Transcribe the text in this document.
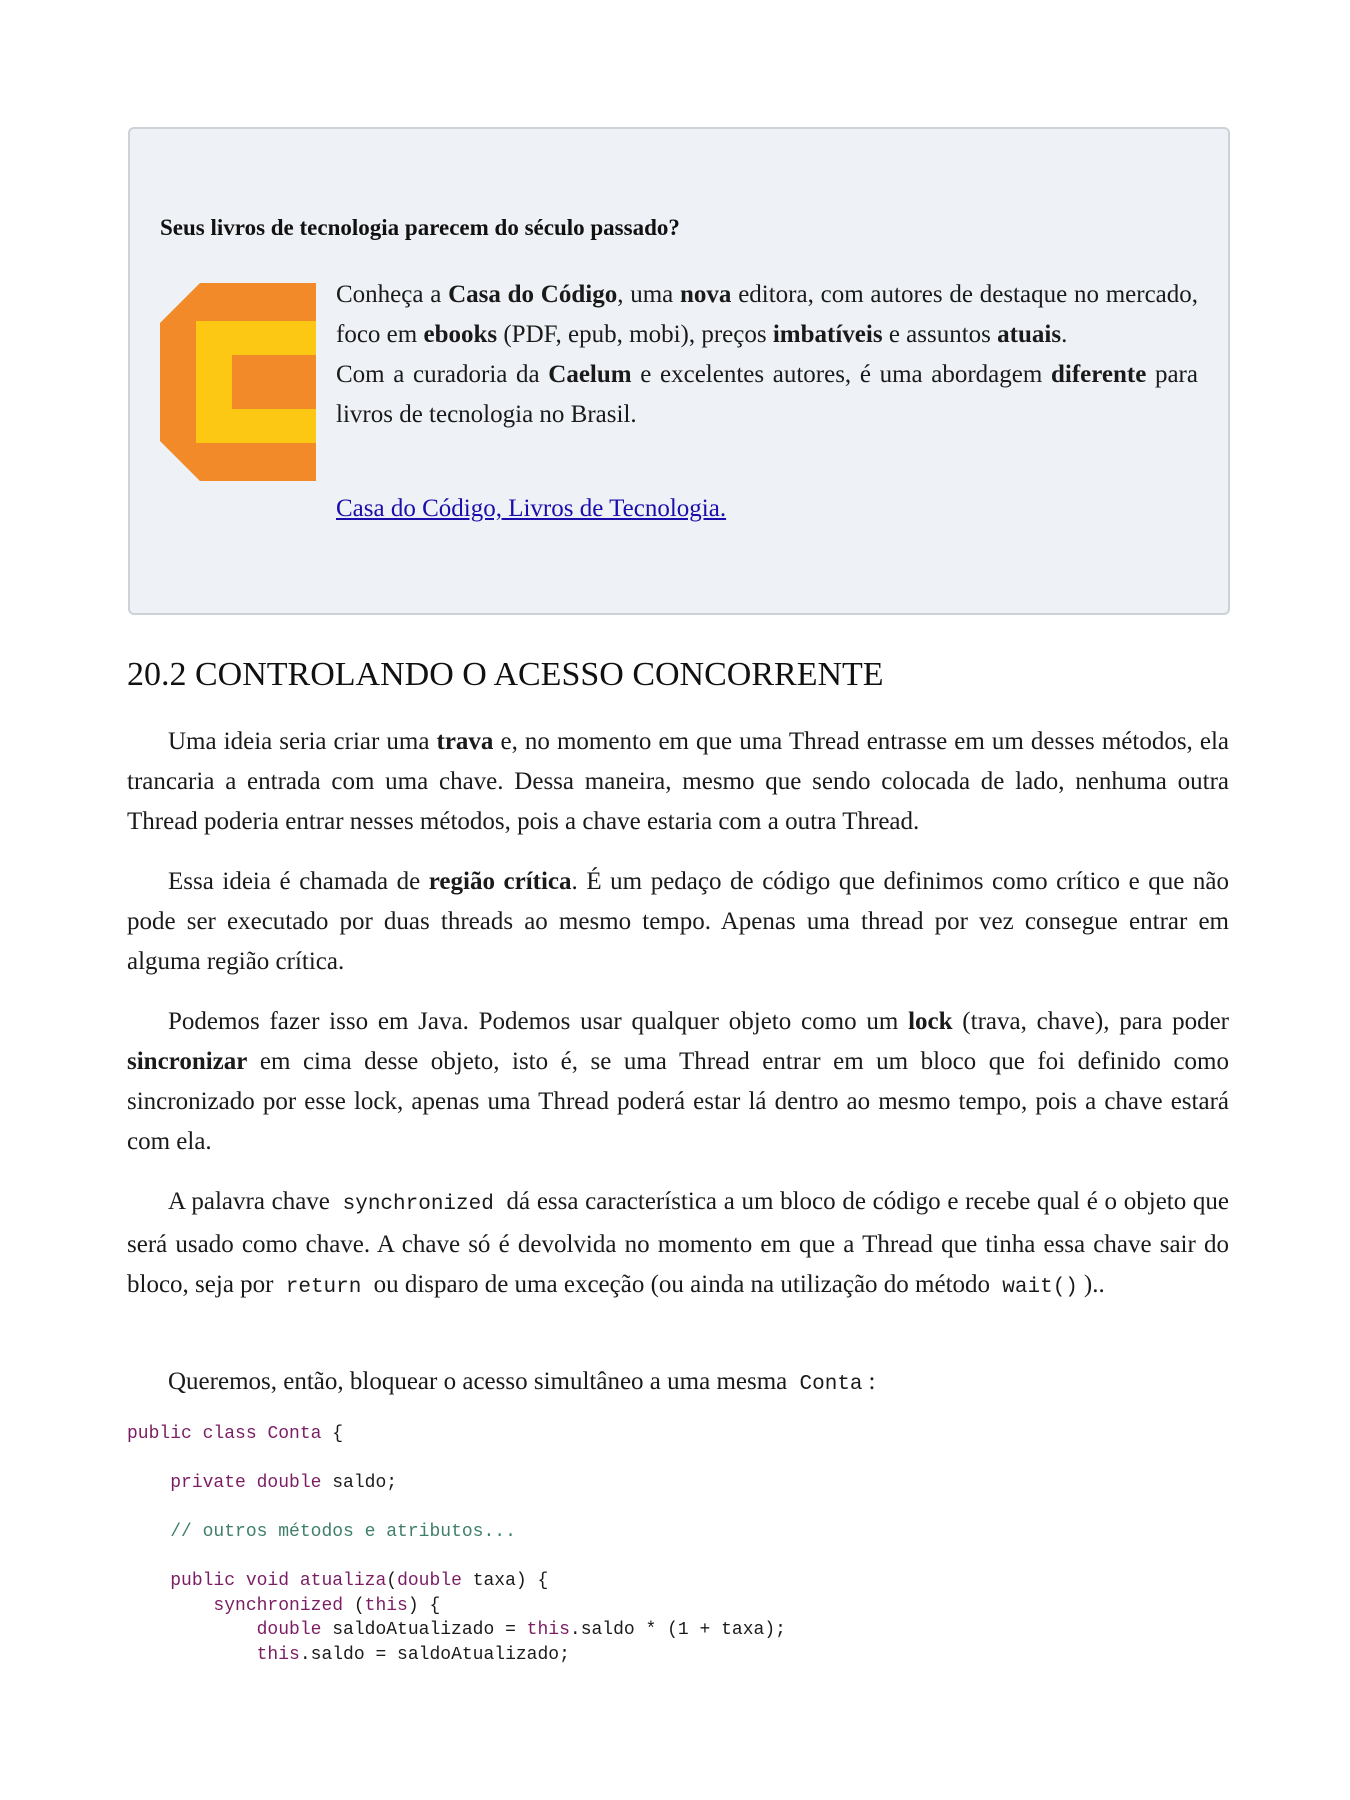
Seus livros de tecnologia parecem do século passado?

Conheça a Casa do Código, uma nova editora, com autores de destaque no mercado, foco em ebooks (PDF, epub, mobi), preços imbatíveis e assuntos atuais.

Com a curadoria da Caelum e excelentes autores, é uma abordagem diferente para livros de tecnologia no Brasil.

Casa do Código, Livros de Tecnologia.
20.2 CONTROLANDO O ACESSO CONCORRENTE

Uma ideia seria criar uma trava e, no momento em que uma Thread entrasse em um desses métodos, ela trancaria a entrada com uma chave. Dessa maneira, mesmo que sendo colocada de lado, nenhuma outra Thread poderia entrar nesses métodos, pois a chave estaria com a outra Thread.

Essa ideia é chamada de região crítica. É um pedaço de código que definimos como crítico e que não pode ser executado por duas threads ao mesmo tempo. Apenas uma thread por vez consegue entrar em alguma região crítica.

Podemos fazer isso em Java. Podemos usar qualquer objeto como um lock (trava, chave), para poder sincronizar em cima desse objeto, isto é, se uma Thread entrar em um bloco que foi definido como sincronizado por esse lock, apenas uma Thread poderá estar lá dentro ao mesmo tempo, pois a chave estará com ela.

A palavra chave synchronized dá essa característica a um bloco de código e recebe qual é o objeto que será usado como chave. A chave só é devolvida no momento em que a Thread que tinha essa chave sair do bloco, seja por return ou disparo de uma exceção (ou ainda na utilização do método wait() )..

Queremos, então, bloquear o acesso simultâneo a uma mesma Conta :

public class Conta {

private double saldo;

// outros métodos e atributos...

public void atualiza(double taxa) {
synchronized (this) {
double saldoAtualizado = this.saldo * (1 + taxa);
this.saldo = saldoAtualizado;
